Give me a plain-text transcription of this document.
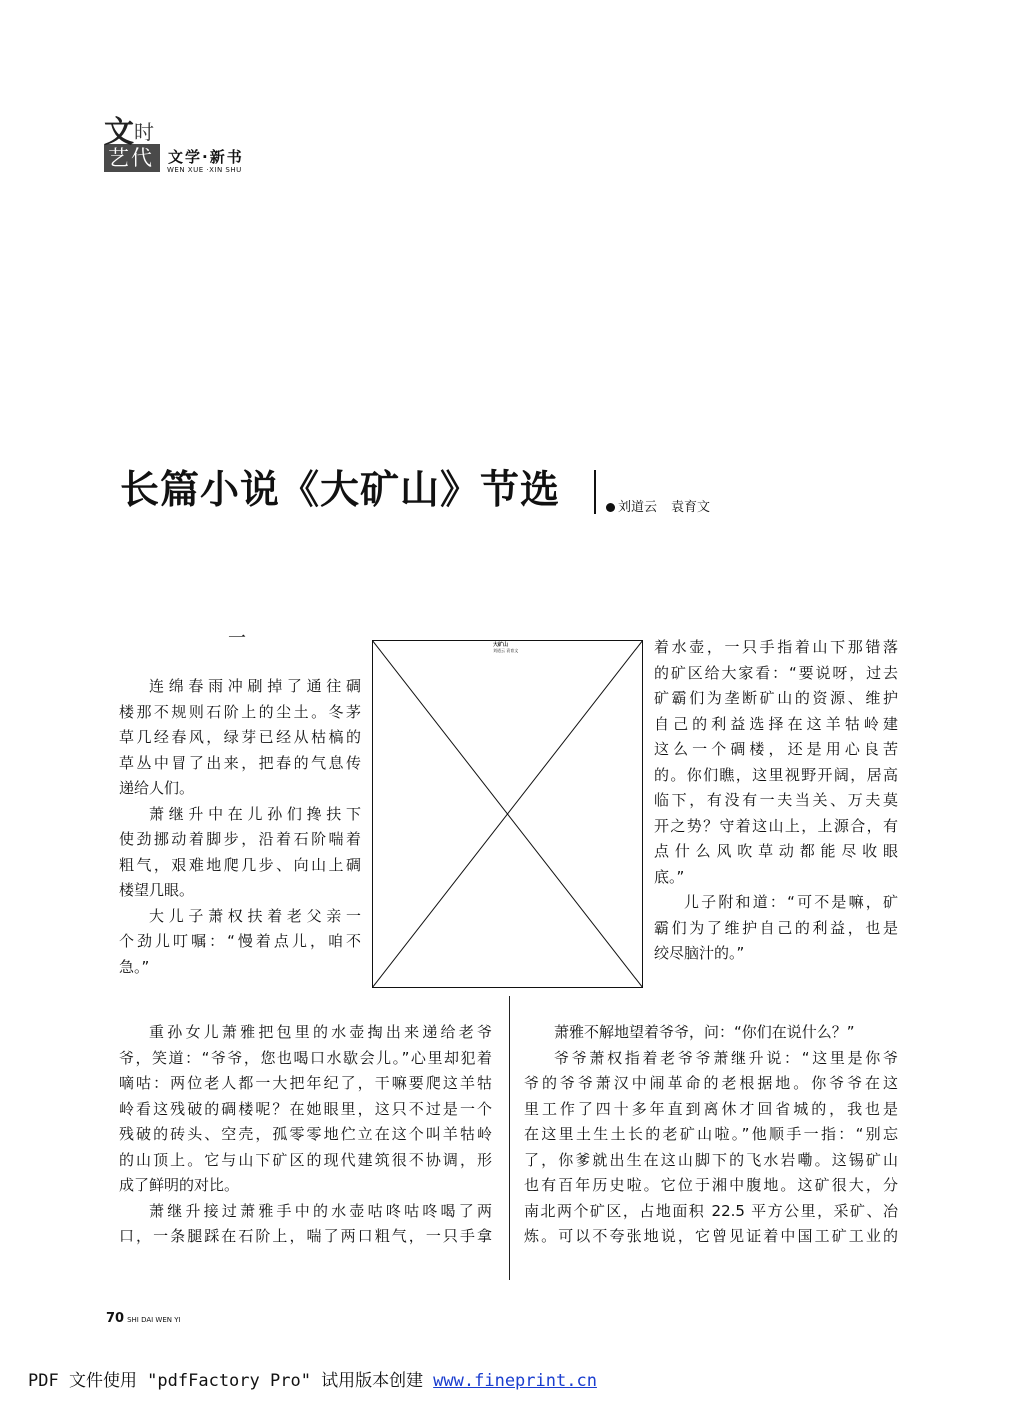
文 时
艺代 文学·新书
WEN XUE ·XIN SHU
长篇小说《大矿山》节选	刘道云 袁育文
一	大矿山
刘道云 袁育文

连绵春雨冲刷掉了通往碉

楼那不规则石阶上的尘土。冬茅

草几经春风，绿芽已经从枯槁的

草丛中冒了出来，把春的气息传

递给人们。

萧继升中在儿孙们搀扶下

使劲挪动着脚步，沿着石阶喘着

粗气，艰难地爬几步、向山上碉

楼望几眼。

大儿子萧权扶着老父亲一

个劲儿叮嘱：“慢着点儿，咱不

急。”

重孙女儿萧雅把包里的水壶掏出来递给老爷

爷，笑道：“爷爷，您也喝口水歇会儿。”心里却犯着

嘀咕：两位老人都一大把年纪了，干嘛要爬这羊牯

岭看这残破的碉楼呢？在她眼里，这只不过是一个

残破的砖头、空壳，孤零零地伫立在这个叫羊牯岭

的山顶上。它与山下矿区的现代建筑很不协调，形

成了鲜明的对比。

萧继升接过萧雅手中的水壶咕咚咕咚喝了两

口，一条腿踩在石阶上，喘了两口粗气，一只手拿

着水壶，一只手指着山下那错落

的矿区给大家看：“要说呀，过去

矿霸们为垄断矿山的资源、维护

自己的利益选择在这羊牯岭建

这么一个碉楼，还是用心良苦

的。你们瞧，这里视野开阔，居高

临下，有没有一夫当关、万夫莫

开之势？守着这山上，上源合，有

点什么风吹草动都能尽收眼

底。”

儿子附和道：“可不是嘛，矿

霸们为了维护自己的利益，也是

绞尽脑汁的。”

萧雅不解地望着爷爷，问：“你们在说什么？”

爷爷萧权指着老爷爷萧继升说：“这里是你爷

爷的爷爷萧汉中闹革命的老根据地。你爷爷在这

里工作了四十多年直到离休才回省城的，我也是

在这里土生土长的老矿山啦。”他顺手一指：“别忘

了，你爹就出生在这山脚下的飞水岩嘞。这锡矿山

也有百年历史啦。它位于湘中腹地。这矿很大，分

南北两个矿区，占地面积 22.5 平方公里，采矿、冶

炼。可以不夸张地说，它曾见证着中国工矿工业的

70 SHI DAI WEN YI
PDF 文件使用 "pdfFactory Pro" 试用版本创建 www.fineprint.cn
